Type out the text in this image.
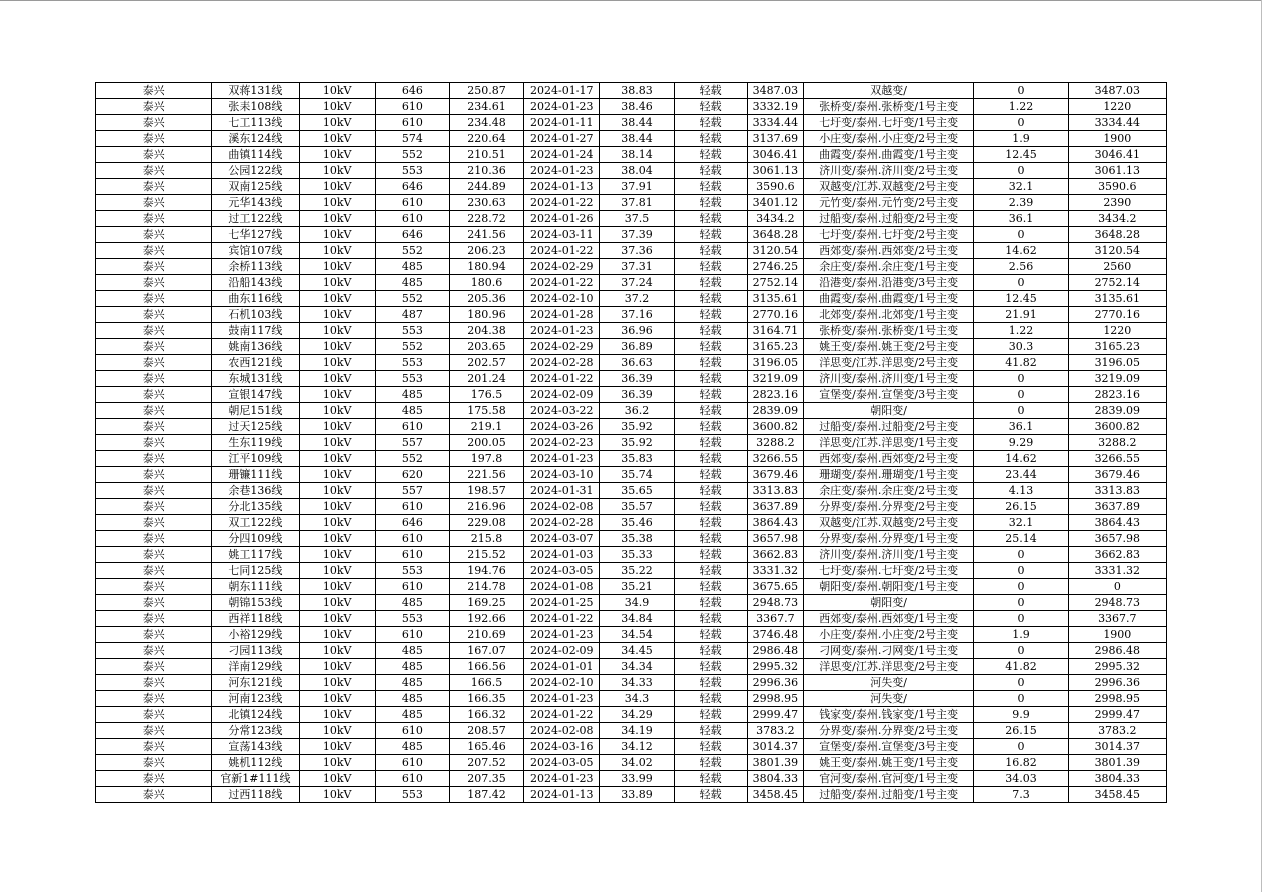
泰兴	双蒋131线	10kV	646	250.87	2024-01-17	38.83	轻载	3487.03	双越变/	0	3487.03
泰兴	张耒108线	10kV	610	234.61	2024-01-23	38.46	轻载	3332.19	张桥变/泰州.张桥变/1号主变	1.22	1220
泰兴	七工113线	10kV	610	234.48	2024-01-11	38.44	轻载	3334.44	七圩变/泰州.七圩变/1号主变	0	3334.44
泰兴	溪东124线	10kV	574	220.64	2024-01-27	38.44	轻载	3137.69	小庄变/泰州.小庄变/2号主变	1.9	1900
泰兴	曲镇114线	10kV	552	210.51	2024-01-24	38.14	轻载	3046.41	曲霞变/泰州.曲霞变/1号主变	12.45	3046.41
泰兴	公园122线	10kV	553	210.36	2024-01-23	38.04	轻载	3061.13	济川变/泰州.济川变/2号主变	0	3061.13
泰兴	双南125线	10kV	646	244.89	2024-01-13	37.91	轻载	3590.6	双越变/江苏.双越变/2号主变	32.1	3590.6
泰兴	元华143线	10kV	610	230.63	2024-01-22	37.81	轻载	3401.12	元竹变/泰州.元竹变/2号主变	2.39	2390
泰兴	过工122线	10kV	610	228.72	2024-01-26	37.5	轻载	3434.2	过船变/泰州.过船变/2号主变	36.1	3434.2
泰兴	七华127线	10kV	646	241.56	2024-03-11	37.39	轻载	3648.28	七圩变/泰州.七圩变/2号主变	0	3648.28
泰兴	宾馆107线	10kV	552	206.23	2024-01-22	37.36	轻载	3120.54	西郊变/泰州.西郊变/2号主变	14.62	3120.54
泰兴	余桥113线	10kV	485	180.94	2024-02-29	37.31	轻载	2746.25	余庄变/泰州.余庄变/1号主变	2.56	2560
泰兴	沿船143线	10kV	485	180.6	2024-01-22	37.24	轻载	2752.14	沿港变/泰州.沿港变/3号主变	0	2752.14
泰兴	曲东116线	10kV	552	205.36	2024-02-10	37.2	轻载	3135.61	曲霞变/泰州.曲霞变/1号主变	12.45	3135.61
泰兴	石机103线	10kV	487	180.96	2024-01-28	37.16	轻载	2770.16	北郊变/泰州.北郊变/1号主变	21.91	2770.16
泰兴	鼓南117线	10kV	553	204.38	2024-01-23	36.96	轻载	3164.71	张桥变/泰州.张桥变/1号主变	1.22	1220
泰兴	姚南136线	10kV	552	203.65	2024-02-29	36.89	轻载	3165.23	姚王变/泰州.姚王变/2号主变	30.3	3165.23
泰兴	农西121线	10kV	553	202.57	2024-02-28	36.63	轻载	3196.05	洋思变/江苏.洋思变/2号主变	41.82	3196.05
泰兴	东城131线	10kV	553	201.24	2024-01-22	36.39	轻载	3219.09	济川变/泰州.济川变/1号主变	0	3219.09
泰兴	宣银147线	10kV	485	176.5	2024-02-09	36.39	轻载	2823.16	宣堡变/泰州.宣堡变/3号主变	0	2823.16
泰兴	朝尼151线	10kV	485	175.58	2024-03-22	36.2	轻载	2839.09	朝阳变/	0	2839.09
泰兴	过天125线	10kV	610	219.1	2024-03-26	35.92	轻载	3600.82	过船变/泰州.过船变/2号主变	36.1	3600.82
泰兴	生东119线	10kV	557	200.05	2024-02-23	35.92	轻载	3288.2	洋思变/江苏.洋思变/1号主变	9.29	3288.2
泰兴	江平109线	10kV	552	197.8	2024-01-23	35.83	轻载	3266.55	西郊变/泰州.西郊变/2号主变	14.62	3266.55
泰兴	珊镰111线	10kV	620	221.56	2024-03-10	35.74	轻载	3679.46	珊瑚变/泰州.珊瑚变/1号主变	23.44	3679.46
泰兴	余巷136线	10kV	557	198.57	2024-01-31	35.65	轻载	3313.83	余庄变/泰州.余庄变/2号主变	4.13	3313.83
泰兴	分北135线	10kV	610	216.96	2024-02-08	35.57	轻载	3637.89	分界变/泰州.分界变/2号主变	26.15	3637.89
泰兴	双工122线	10kV	646	229.08	2024-02-28	35.46	轻载	3864.43	双越变/江苏.双越变/2号主变	32.1	3864.43
泰兴	分四109线	10kV	610	215.8	2024-03-07	35.38	轻载	3657.98	分界变/泰州.分界变/1号主变	25.14	3657.98
泰兴	姚工117线	10kV	610	215.52	2024-01-03	35.33	轻载	3662.83	济川变/泰州.济川变/1号主变	0	3662.83
泰兴	七同125线	10kV	553	194.76	2024-03-05	35.22	轻载	3331.32	七圩变/泰州.七圩变/2号主变	0	3331.32
泰兴	朝东111线	10kV	610	214.78	2024-01-08	35.21	轻载	3675.65	朝阳变/泰州.朝阳变/1号主变	0	0
泰兴	朝锦153线	10kV	485	169.25	2024-01-25	34.9	轻载	2948.73	朝阳变/	0	2948.73
泰兴	西祥118线	10kV	553	192.66	2024-01-22	34.84	轻载	3367.7	西郊变/泰州.西郊变/1号主变	0	3367.7
泰兴	小裕129线	10kV	610	210.69	2024-01-23	34.54	轻载	3746.48	小庄变/泰州.小庄变/2号主变	1.9	1900
泰兴	刁园113线	10kV	485	167.07	2024-02-09	34.45	轻载	2986.48	刁网变/泰州.刁网变/1号主变	0	2986.48
泰兴	洋南129线	10kV	485	166.56	2024-01-01	34.34	轻载	2995.32	洋思变/江苏.洋思变/2号主变	41.82	2995.32
泰兴	河东121线	10kV	485	166.5	2024-02-10	34.33	轻载	2996.36	河失变/	0	2996.36
泰兴	河南123线	10kV	485	166.35	2024-01-23	34.3	轻载	2998.95	河失变/	0	2998.95
泰兴	北镇124线	10kV	485	166.32	2024-01-22	34.29	轻载	2999.47	钱家变/泰州.钱家变/1号主变	9.9	2999.47
泰兴	分常123线	10kV	610	208.57	2024-02-08	34.19	轻载	3783.2	分界变/泰州.分界变/2号主变	26.15	3783.2
泰兴	宣荡143线	10kV	485	165.46	2024-03-16	34.12	轻载	3014.37	宣堡变/泰州.宣堡变/3号主变	0	3014.37
泰兴	姚机112线	10kV	610	207.52	2024-03-05	34.02	轻载	3801.39	姚王变/泰州.姚王变/1号主变	16.82	3801.39
泰兴	官新1#111线	10kV	610	207.35	2024-01-23	33.99	轻载	3804.33	官河变/泰州.官河变/1号主变	34.03	3804.33
泰兴	过西118线	10kV	553	187.42	2024-01-13	33.89	轻载	3458.45	过船变/泰州.过船变/1号主变	7.3	3458.45
